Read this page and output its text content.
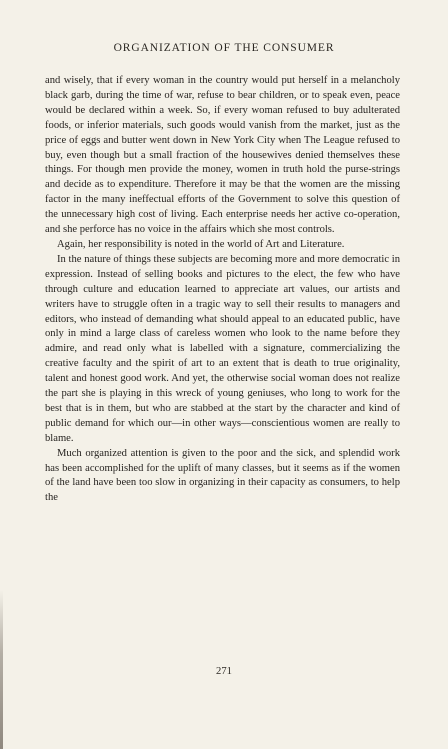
ORGANIZATION OF THE CONSUMER

and wisely, that if every woman in the country would put herself in a melancholy black garb, during the time of war, refuse to bear children, or to speak even, peace would be declared within a week. So, if every woman refused to buy adulterated foods, or inferior materials, such goods would vanish from the market, just as the price of eggs and butter went down in New York City when The League refused to buy, even though but a small fraction of the housewives denied themselves these things. For though men provide the money, women in truth hold the purse-strings and decide as to expenditure. Therefore it may be that the women are the missing factor in the many ineffectual efforts of the Government to solve this question of the unnecessary high cost of living. Each enterprise needs her active co-operation, and she perforce has no voice in the affairs which she most controls.

Again, her responsibility is noted in the world of Art and Literature.

In the nature of things these subjects are becoming more and more democratic in expression. Instead of selling books and pictures to the elect, the few who have through culture and education learned to appreciate art values, our artists and writers have to struggle often in a tragic way to sell their results to managers and editors, who instead of demanding what should appeal to an educated public, have only in mind a large class of careless women who look to the name before they admire, and read only what is labelled with a signature, commercializing the creative faculty and the spirit of art to an extent that is death to true originality, talent and honest good work. And yet, the otherwise social woman does not realize the part she is playing in this wreck of young geniuses, who long to work for the best that is in them, but who are stabbed at the start by the character and kind of public demand for which our—in other ways—conscientious women are really to blame.

Much organized attention is given to the poor and the sick, and splendid work has been accomplished for the uplift of many classes, but it seems as if the women of the land have been too slow in organizing in their capacity as consumers, to help the

271
